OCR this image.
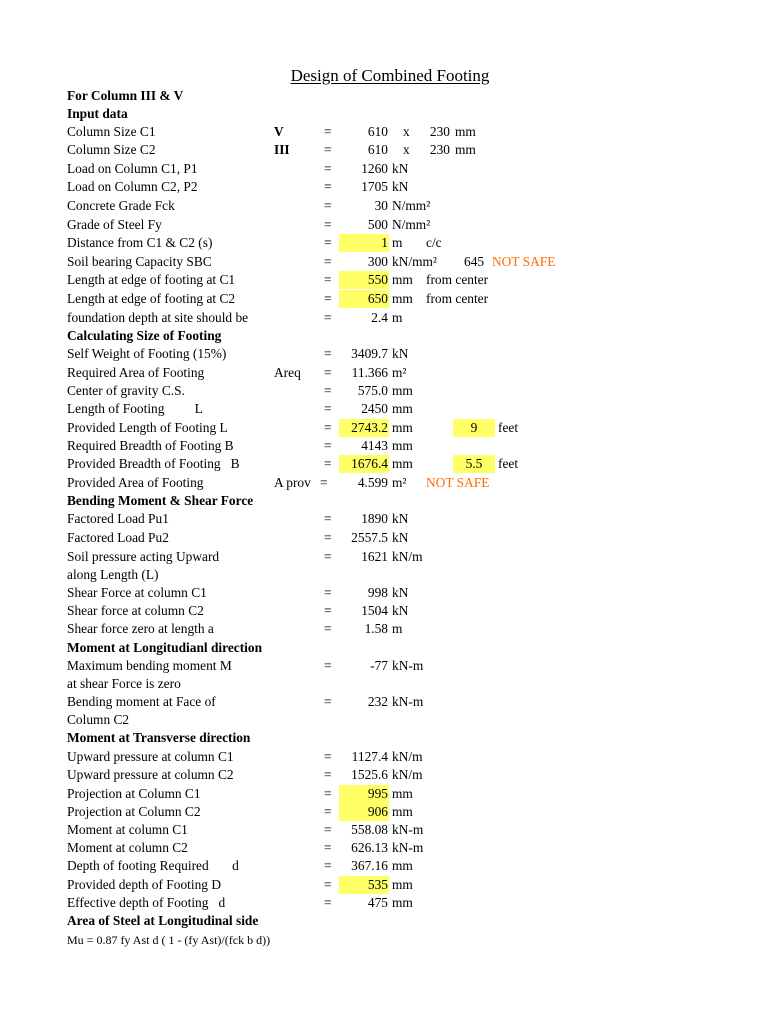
Design of Combined Footing
For Column III & V
Input data
Column Size C1	V	=	610 x	230 mm
Column Size C2	III	=	610 x	230 mm
Load on Column C1, P1	=	1260 kN
Load on Column C2, P2	=	1705 kN
Concrete Grade Fck	=	30 N/mm²
Grade of Steel Fy	=	500 N/mm²
Distance from C1 & C2 (s)	=	1 m c/c
Soil bearing Capacity SBC	=	300 kN/mm² 645 NOT SAFE
Length at edge of footing at C1	=	550 mm from center
Length at edge of footing at C2	=	650 mm from center
foundation depth at site should be	=	2.4 m
Calculating Size of Footing
Self Weight of Footing (15%)	=	3409.7 kN
Required Area of Footing	Areq =	11.366 m²
Center of gravity C.S.	=	575.0 mm
Length of Footing         L	=	2450 mm
Provided Length of Footing L	=	2743.2 mm	9	feet
Required Breadth of Footing B	=	4143 mm
Provided Breadth of Footing   B	=	1676.4 mm	5.5	feet
Provided Area of Footing	A prov =	4.599 m² NOT SAFE
Bending Moment & Shear Force
Factored Load Pu1	=	1890 kN
Factored Load Pu2	=	2557.5 kN
Soil pressure acting Upward	=	1621 kN/m
along Length (L)
Shear Force at column C1	=	998 kN
Shear force at column C2	=	1504 kN
Shear force zero at length a	=	1.58 m
Moment at Longitudianl direction
Maximum bending moment M	=	-77 kN-m
at shear Force is zero
Bending moment at Face of	=	232 kN-m
Column C2
Moment at Transverse direction
Upward pressure at column C1	=	1127.4 kN/m
Upward pressure at column C2	=	1525.6 kN/m
Projection at Column C1	=	995 mm
Projection at Column C2	=	906 mm
Moment at column C1	=	558.08 kN-m
Moment at column C2	=	626.13 kN-m
Depth of footing Required       d	=	367.16 mm
Provided depth of Footing D	=	535 mm
Effective depth of Footing   d	=	475 mm
Area of Steel at Longitudinal side
Mu = 0.87 fy Ast d ( 1 - (fy Ast)/(fck b d))
